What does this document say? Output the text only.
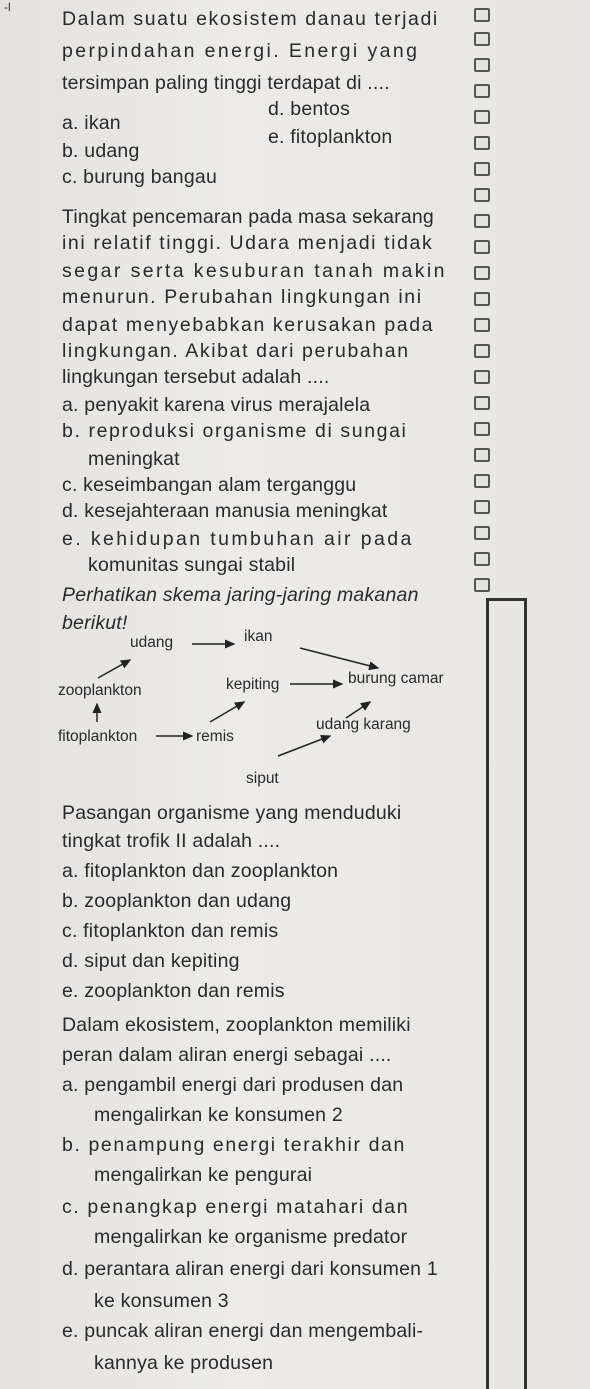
-l
Dalam suatu ekosistem danau terjadi
perpindahan energi. Energi yang
tersimpan paling tinggi terdapat di ....
a. ikan
b. udang
c. burung bangau
d. bentos
e. fitoplankton
Tingkat pencemaran pada masa sekarang
ini relatif tinggi. Udara menjadi tidak
segar serta kesuburan tanah makin
menurun. Perubahan lingkungan ini
dapat menyebabkan kerusakan pada
lingkungan. Akibat dari perubahan
lingkungan tersebut adalah ....
a. penyakit karena virus merajalela
b. reproduksi organisme di sungai
meningkat
c. keseimbangan alam terganggu
d. kesejahteraan manusia meningkat
e. kehidupan tumbuhan air pada
komunitas sungai stabil
Perhatikan skema jaring-jaring makanan
berikut!
udang	ikan
zooplankton	kepiting	burung camar
fitoplankton	remis
udang karang
siput
Pasangan organisme yang menduduki
tingkat trofik II adalah ....
a. fitoplankton dan zooplankton
b. zooplankton dan udang
c. fitoplankton dan remis
d. siput dan kepiting
e. zooplankton dan remis
Dalam ekosistem, zooplankton memiliki
peran dalam aliran energi sebagai ....
a. pengambil energi dari produsen dan
mengalirkan ke konsumen 2
b. penampung energi terakhir dan
mengalirkan ke pengurai
c. penangkap energi matahari dan
mengalirkan ke organisme predator
d. perantara aliran energi dari konsumen 1
ke konsumen 3
e. puncak aliran energi dan mengembali-
kannya ke produsen
